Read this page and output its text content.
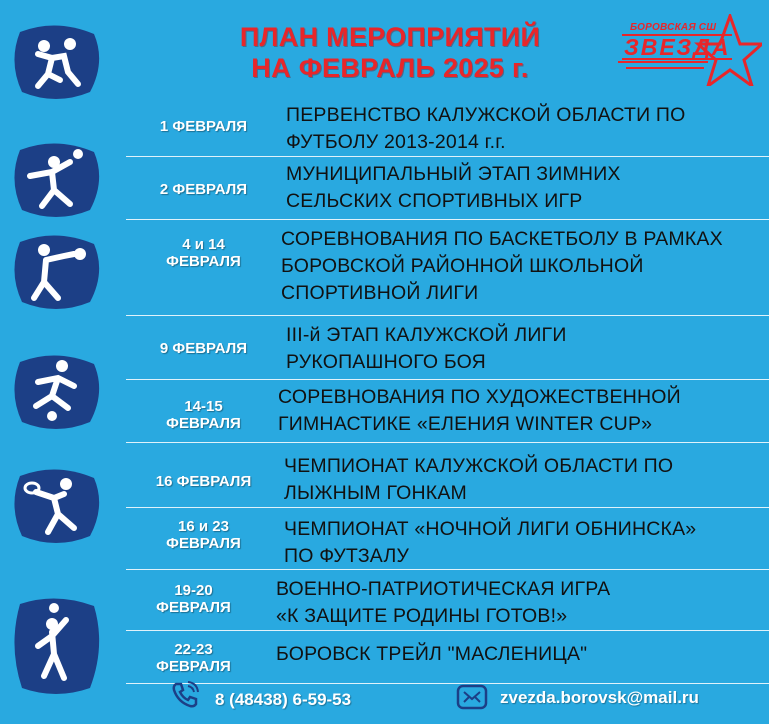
ПЛАН МЕРОПРИЯТИЙ
НА ФЕВРАЛЬ 2025 г.
БОРОВСКАЯ СШ
ЗВЕЗДА
1 ФЕВРАЛЯ
ПЕРВЕНСТВО КАЛУЖСКОЙ ОБЛАСТИ ПО
ФУТБОЛУ 2013-2014 г.г.
2 ФЕВРАЛЯ
МУНИЦИПАЛЬНЫЙ ЭТАП ЗИМНИХ
СЕЛЬСКИХ СПОРТИВНЫХ ИГР
4 и 14
ФЕВРАЛЯ
СОРЕВНОВАНИЯ ПО БАСКЕТБОЛУ В РАМКАХ
БОРОВСКОЙ РАЙОННОЙ ШКОЛЬНОЙ
СПОРТИВНОЙ ЛИГИ
9 ФЕВРАЛЯ
III-й ЭТАП КАЛУЖСКОЙ ЛИГИ
РУКОПАШНОГО БОЯ
14-15
ФЕВРАЛЯ
СОРЕВНОВАНИЯ ПО ХУДОЖЕСТВЕННОЙ
ГИМНАСТИКЕ «ЕЛЕНИЯ WINTER CUP»
16 ФЕВРАЛЯ
ЧЕМПИОНАТ КАЛУЖСКОЙ ОБЛАСТИ ПО
ЛЫЖНЫМ ГОНКАМ
16 и 23
ФЕВРАЛЯ
ЧЕМПИОНАТ «НОЧНОЙ ЛИГИ ОБНИНСКА»
ПО ФУТЗАЛУ
19-20
ФЕВРАЛЯ
ВОЕННО-ПАТРИОТИЧЕСКАЯ ИГРА
«К ЗАЩИТЕ РОДИНЫ ГОТОВ!»
22-23
ФЕВРАЛЯ
БОРОВСК ТРЕЙЛ "МАСЛЕНИЦА"
8 (48438) 6-59-53	zvezda.borovsk@mail.ru
